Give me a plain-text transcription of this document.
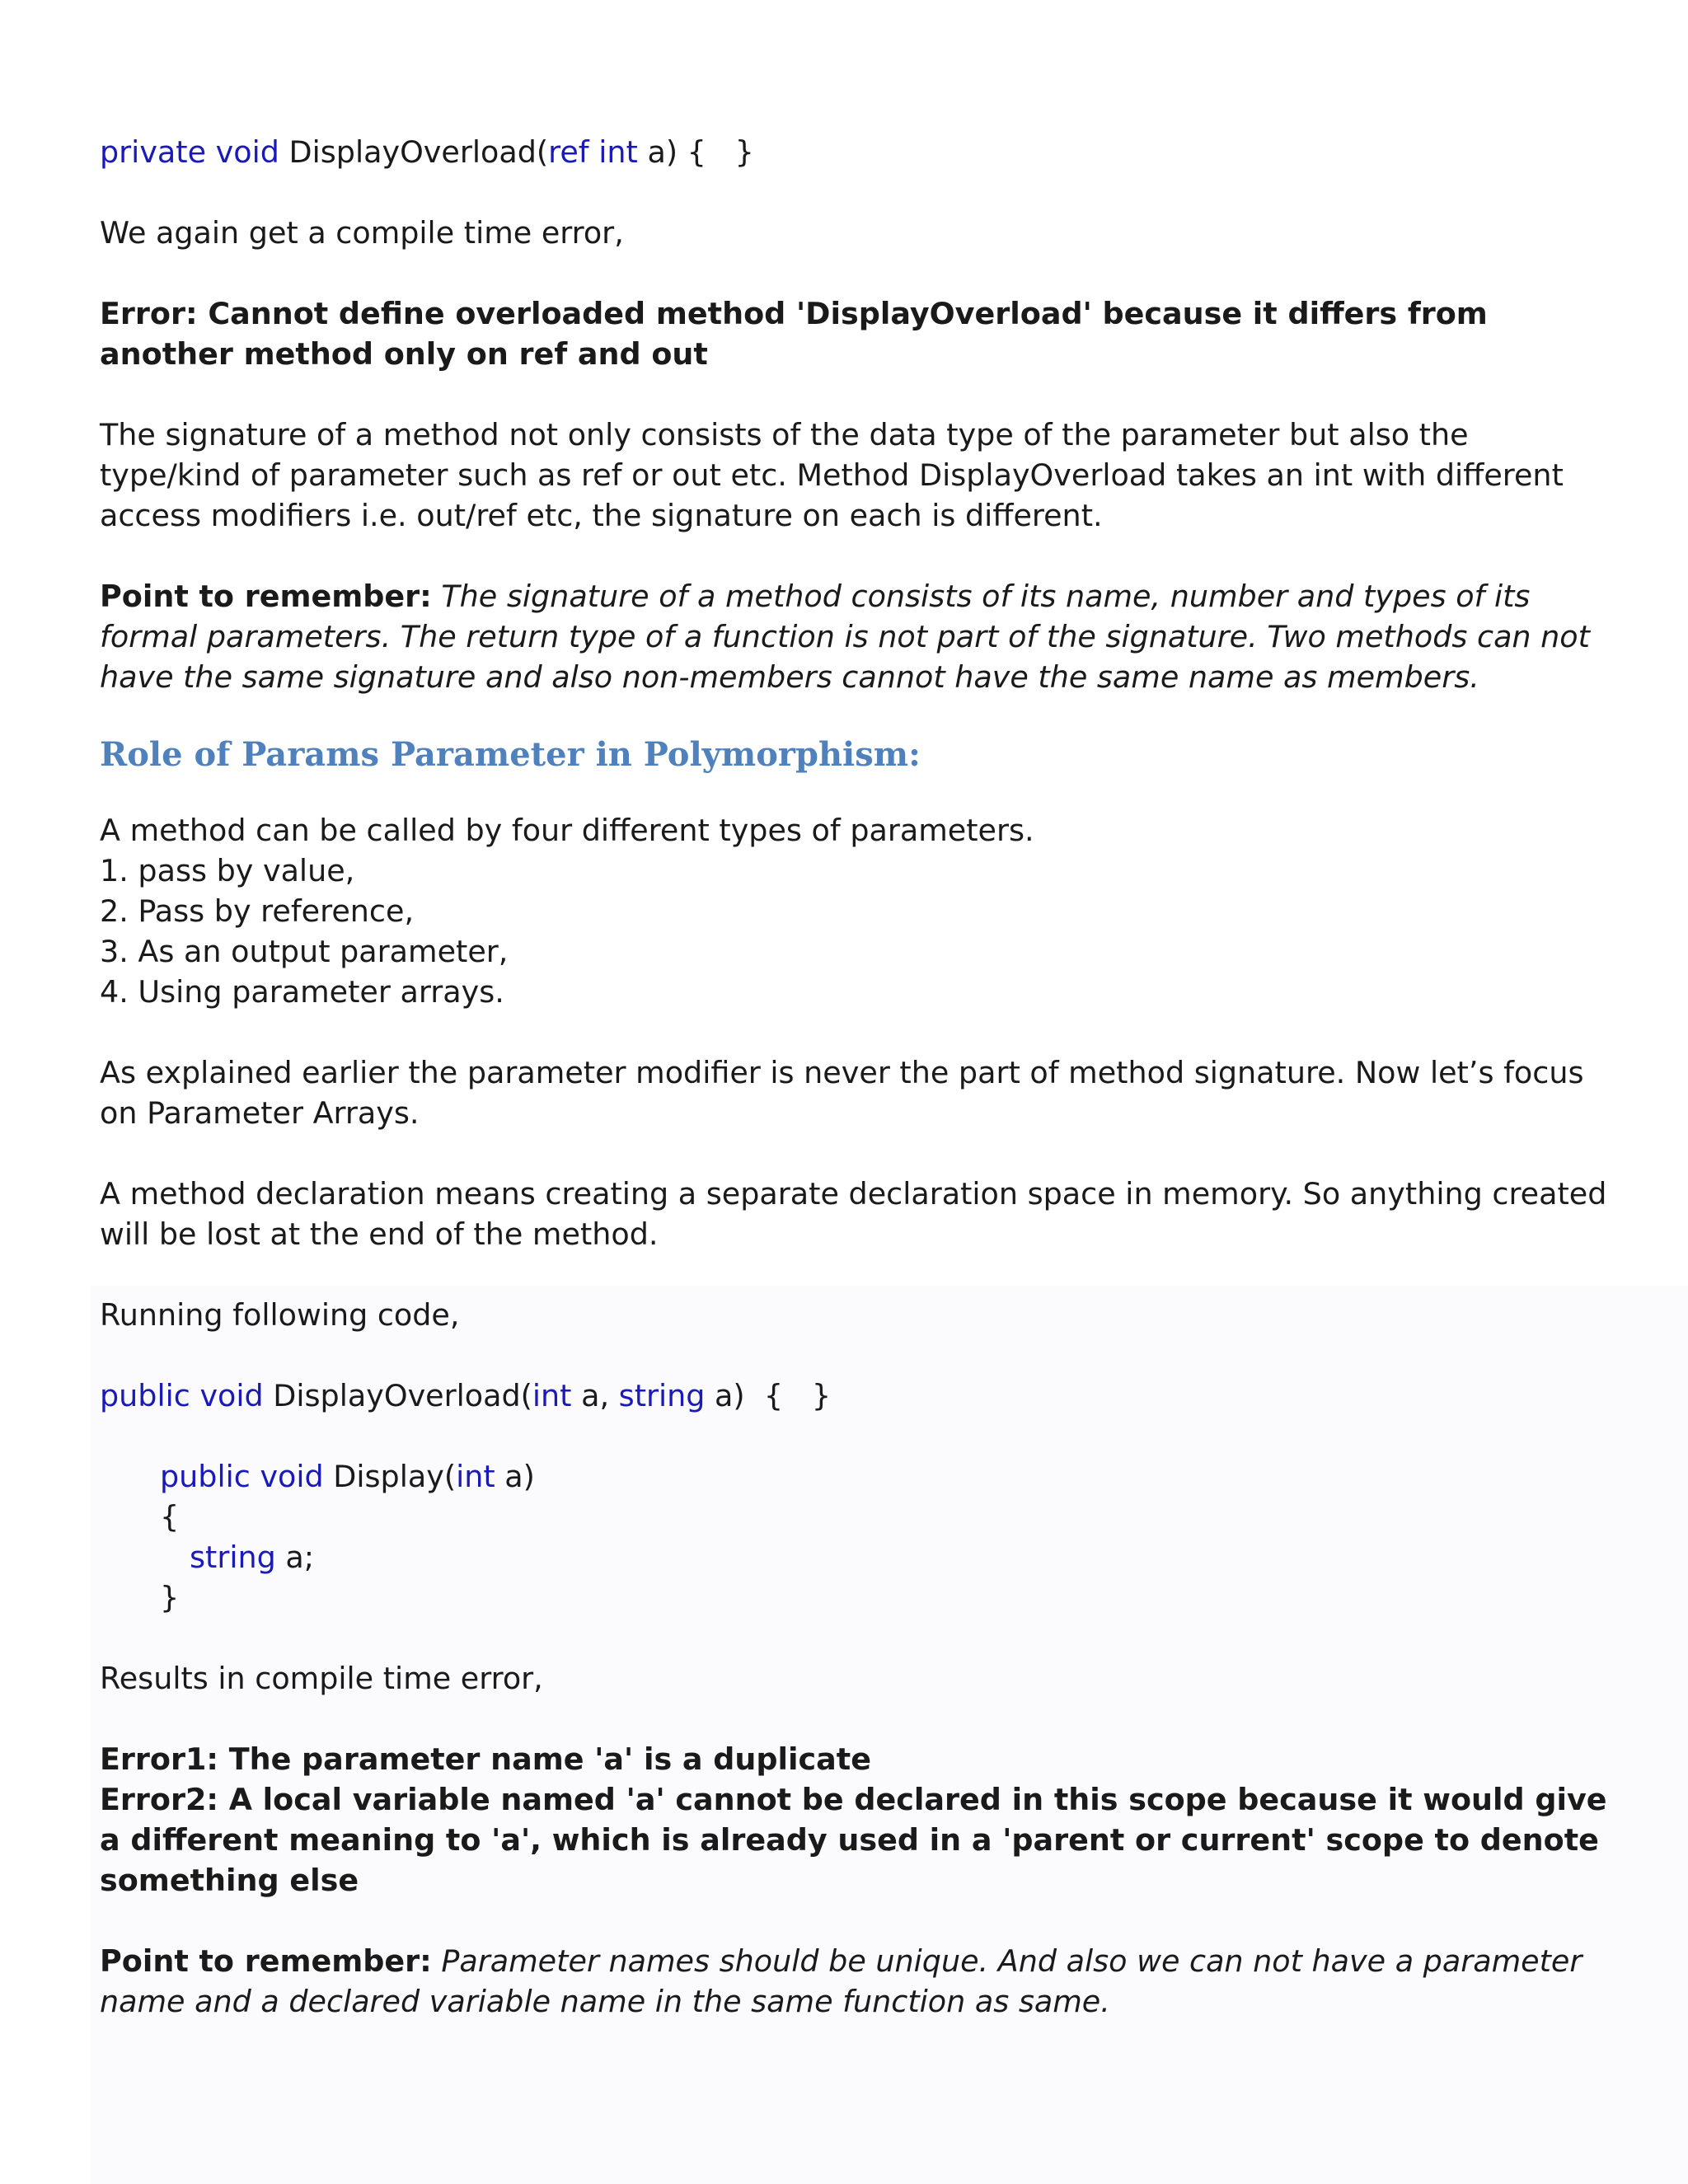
private void DisplayOverload(ref int a) {   }

We again get a compile time error,

Error: Cannot define overloaded method 'DisplayOverload' because it differs from another method only on ref and out

The signature of a method not only consists of the data type of the parameter but also the type/kind of parameter such as ref or out etc. Method DisplayOverload takes an int with different access modifiers i.e. out/ref etc, the signature on each is different.

Point to remember: The signature of a method consists of its name, number and types of its formal parameters. The return type of a function is not part of the signature. Two methods can not have the same signature and also non-members cannot have the same name as members.

Role of Params Parameter in Polymorphism:

A method can be called by four different types of parameters.

1. pass by value,
2. Pass by reference,
3. As an output parameter,
4. Using parameter arrays.

As explained earlier the parameter modifier is never the part of method signature. Now let’s focus on Parameter Arrays.

A method declaration means creating a separate declaration space in memory. So anything created will be lost at the end of the method.

Running following code,

public void DisplayOverload(int a, string a)  {   }
public void Display(int a)
{
string a;
}

Results in compile time error,

Error1: The parameter name 'a' is a duplicate

Error2: A local variable named 'a' cannot be declared in this scope because it would give a different meaning to 'a', which is already used in a 'parent or current' scope to denote something else

Point to remember: Parameter names should be unique. And also we can not have a parameter name and a declared variable name in the same function as same.
